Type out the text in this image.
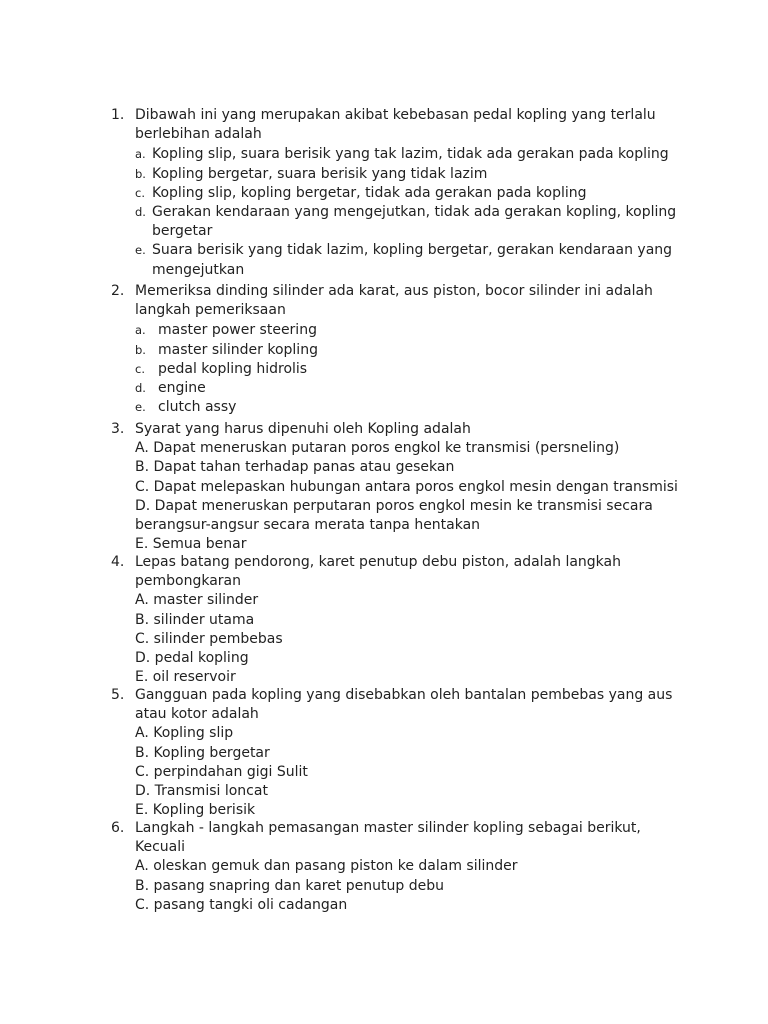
1. Dibawah ini yang merupakan akibat kebebasan pedal kopling yang terlalu berlebihan adalah
a. Kopling slip, suara berisik yang tak lazim, tidak ada gerakan pada kopling
b. Kopling bergetar, suara berisik yang tidak lazim
c. Kopling slip, kopling bergetar, tidak ada gerakan pada kopling
d. Gerakan kendaraan yang mengejutkan, tidak ada gerakan kopling, kopling bergetar
e. Suara berisik yang tidak lazim, kopling bergetar, gerakan kendaraan yang mengejutkan
2. Memeriksa dinding silinder ada karat, aus piston, bocor silinder ini adalah langkah pemeriksaan
a. master power steering
b. master silinder kopling
c. pedal kopling hidrolis
d. engine
e. clutch assy
3. Syarat yang harus dipenuhi oleh Kopling adalah
A. Dapat meneruskan putaran poros engkol ke transmisi (persneling)
B. Dapat tahan terhadap panas atau gesekan
C. Dapat melepaskan hubungan antara poros engkol mesin dengan transmisi
D. Dapat meneruskan perputaran poros engkol mesin ke transmisi secara berangsur-angsur secara merata tanpa hentakan
E. Semua benar
4. Lepas batang pendorong, karet penutup debu piston, adalah langkah pembongkaran
A. master silinder
B. silinder utama
C. silinder pembebas
D. pedal kopling
E. oil reservoir
5. Gangguan pada kopling yang disebabkan oleh bantalan pembebas yang aus atau kotor adalah
A. Kopling slip
B. Kopling bergetar
C. perpindahan gigi Sulit
D. Transmisi loncat
E. Kopling berisik
6. Langkah - langkah pemasangan master silinder kopling sebagai berikut, Kecuali
A. oleskan gemuk dan pasang piston ke dalam silinder
B. pasang snapring dan karet penutup debu
C. pasang tangki oli cadangan
